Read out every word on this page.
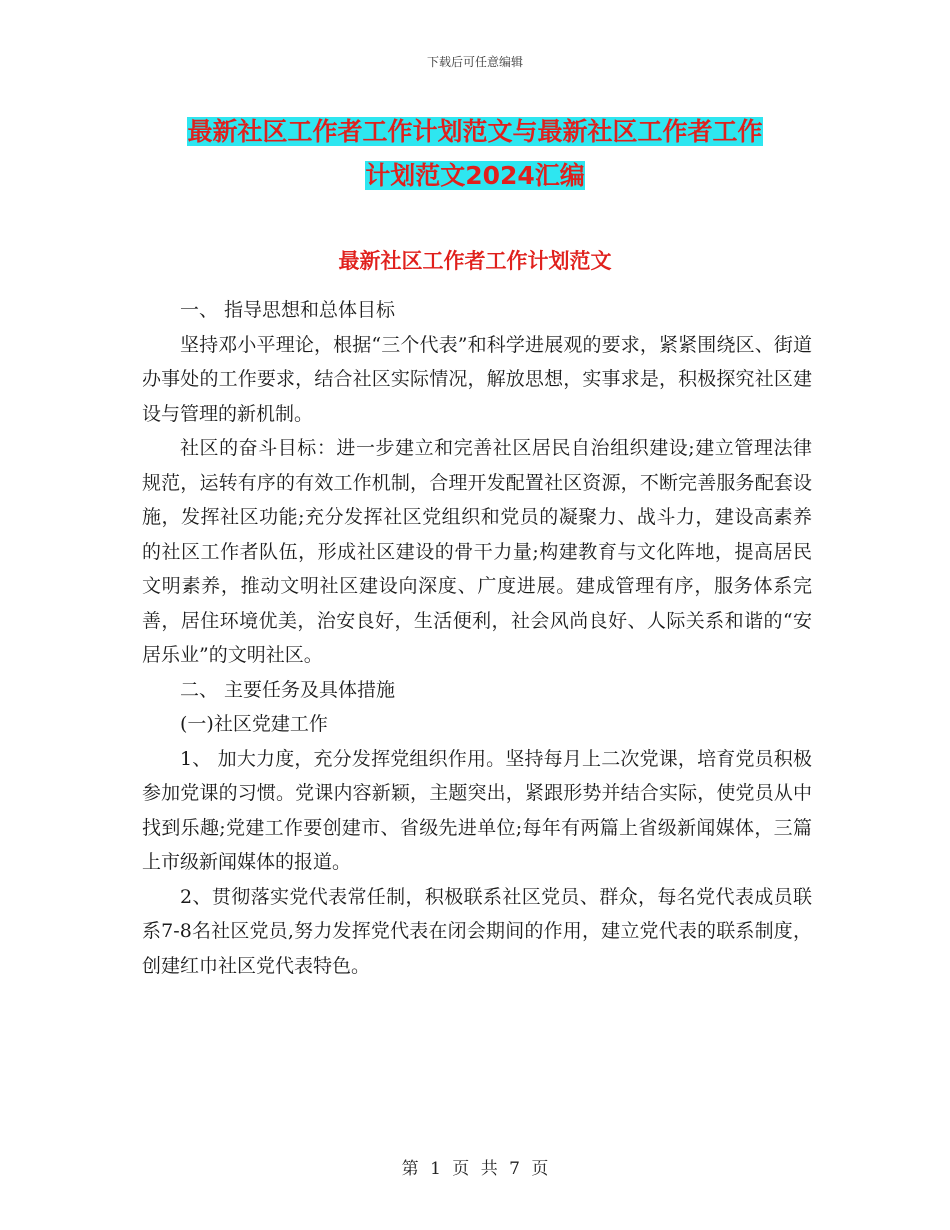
下载后可任意编辑
最新社区工作者工作计划范文与最新社区工作者工作
计划范文2024汇编
最新社区工作者工作计划范文

一、 指导思想和总体目标

坚持邓小平理论，根据“三个代表”和科学进展观的要求，紧紧围绕区、街道办事处的工作要求，结合社区实际情况，解放思想，实事求是，积极探究社区建设与管理的新机制。

社区的奋斗目标：进一步建立和完善社区居民自治组织建设;建立管理法律规范，运转有序的有效工作机制，合理开发配置社区资源，不断完善服务配套设施，发挥社区功能;充分发挥社区党组织和党员的凝聚力、战斗力，建设高素养的社区工作者队伍，形成社区建设的骨干力量;构建教育与文化阵地，提高居民文明素养，推动文明社区建设向深度、广度进展。建成管理有序，服务体系完善，居住环境优美，治安良好，生活便利，社会风尚良好、人际关系和谐的“安居乐业”的文明社区。

二、 主要任务及具体措施

(一)社区党建工作

1、 加大力度，充分发挥党组织作用。坚持每月上二次党课，培育党员积极参加党课的习惯。党课内容新颖，主题突出，紧跟形势并结合实际，使党员从中找到乐趣;党建工作要创建市、省级先进单位;每年有两篇上省级新闻媒体，三篇上市级新闻媒体的报道。

2、贯彻落实党代表常任制，积极联系社区党员、群众，每名党代表成员联系7-8名社区党员,努力发挥党代表在闭会期间的作用，建立党代表的联系制度，创建红巾社区党代表特色。

第 1 页 共 7 页
